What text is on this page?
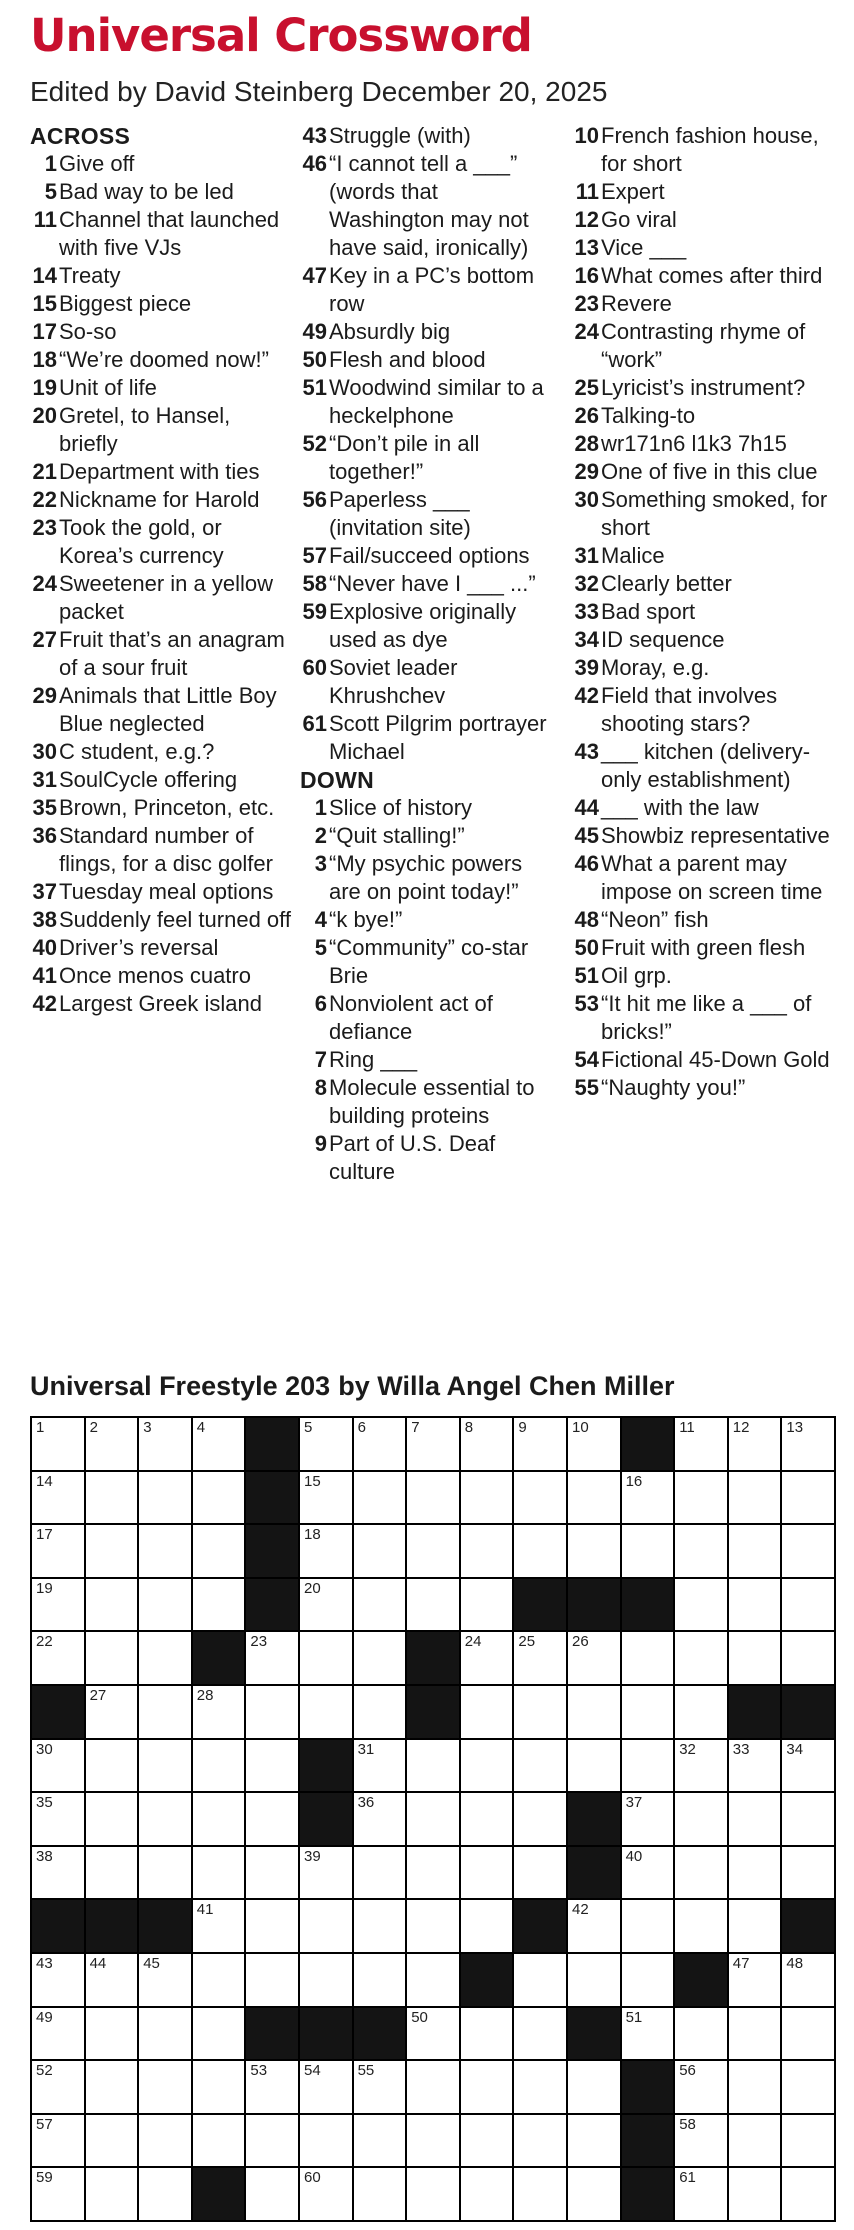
Universal Crossword
Edited by David Steinberg December 20, 2025
ACROSS
1 Give off
5 Bad way to be led
11 Channel that launched with five VJs
14 Treaty
15 Biggest piece
17 So-so
18 “We’re doomed now!”
19 Unit of life
20 Gretel, to Hansel, briefly
21 Department with ties
22 Nickname for Harold
23 Took the gold, or Korea’s currency
24 Sweetener in a yellow packet
27 Fruit that’s an anagram of a sour fruit
29 Animals that Little Boy Blue neglected
30 C student, e.g.?
31 SoulCycle offering
35 Brown, Princeton, etc.
36 Standard number of flings, for a disc golfer
37 Tuesday meal options
38 Suddenly feel turned off
40 Driver’s reversal
41 Once menos cuatro
42 Largest Greek island
43 Struggle (with)
46 “I cannot tell a ___” (words that Washington may not have said, ironically)
47 Key in a PC’s bottom row
49 Absurdly big
50 Flesh and blood
51 Woodwind similar to a heckelphone
52 “Don’t pile in all together!”
56 Paperless ___ (invitation site)
57 Fail/succeed options
58 “Never have I ___ ...”
59 Explosive originally used as dye
60 Soviet leader Khrushchev
61 Scott Pilgrim portrayer Michael
DOWN
1 Slice of history
2 “Quit stalling!”
3 “My psychic powers are on point today!”
4 “k bye!”
5 “Community” co-star Brie
6 Nonviolent act of defiance
7 Ring ___
8 Molecule essential to building proteins
9 Part of U.S. Deaf culture
10 French fashion house, for short
11 Expert
12 Go viral
13 Vice ___
16 What comes after third
23 Revere
24 Contrasting rhyme of “work”
25 Lyricist’s instrument?
26 Talking-to
28 wr171n6 l1k3 7h15
29 One of five in this clue
30 Something smoked, for short
31 Malice
32 Clearly better
33 Bad sport
34 ID sequence
39 Moray, e.g.
42 Field that involves shooting stars?
43 ___ kitchen (delivery-only establishment)
44 ___ with the law
45 Showbiz representative
46 What a parent may impose on screen time
48 “Neon” fish
50 Fruit with green flesh
51 Oil grp.
53 “It hit me like a ___ of bricks!”
54 Fictional 45-Down Gold
55 “Naughty you!”
Universal Freestyle 203 by Willa Angel Chen Miller
1	2	3	4	5	6	7	8	9	10	11	12 13
14	15	16
17	18
19	20
22	23	24 25 26
27	28
30	31	32 33 34
35	36	37
38	39	40
41	42
43 44 45	47 48
49	50	51
52	53 54 55	56
57	58
59	60	61
